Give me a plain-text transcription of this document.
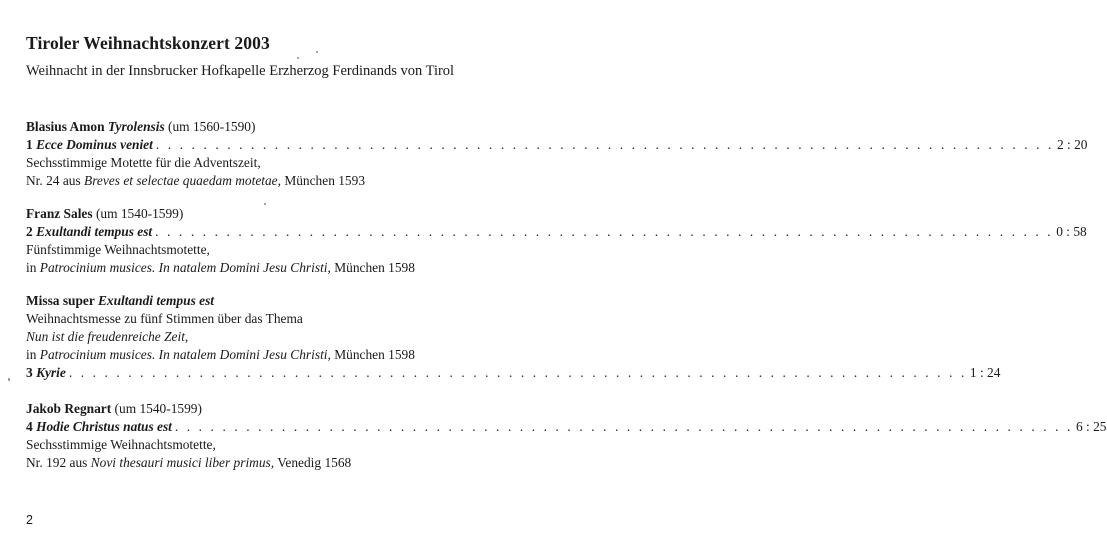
Tiroler Weihnachtskonzert 2003
Weihnacht in der Innsbrucker Hofkapelle Erzherzog Ferdinands von Tirol
Blasius Amon Tyrolensis (um 1560-1590)
1 Ecce Dominus veniet . . . . . . . . . . . . . . . . . . . . . . . . . . . . . . . . . . . . . . . . . . . . . . . . . . . . . . . . . . . . . . . . . . . . . . . . . . . . 2 : 20
Sechsstimmige Motette für die Adventszeit,
Nr. 24 aus Breves et selectae quaedam motetae, München 1593
Franz Sales (um 1540-1599)
2 Exultandi tempus est . . . . . . . . . . . . . . . . . . . . . . . . . . . . . . . . . . . . . . . . . . . . . . . . . . . . . . . . . . . . . . . . . . . . . . . . . . . . 0 : 58
Fünfstimmige Weihnachtsmotette,
in Patrocinium musices. In natalem Domini Jesu Christi, München 1598
Missa super Exultandi tempus est
Weihnachtsmesse zu fünf Stimmen über das Thema
Nun ist die freudenreiche Zeit,
in Patrocinium musices. In natalem Domini Jesu Christi, München 1598
3 Kyrie . . . . . . . . . . . . . . . . . . . . . . . . . . . . . . . . . . . . . . . . . . . . . . . . . . . . . . . . . . . . . . . . . . . . . . . . . . . . 1 : 24
Jakob Regnart (um 1540-1599)
4 Hodie Christus natus est . . . . . . . . . . . . . . . . . . . . . . . . . . . . . . . . . . . . . . . . . . . . . . . . . . . . . . . . . . . . . . . . . . . . . . . . . . . . 6 : 25
Sechsstimmige Weihnachtsmotette,
Nr. 192 aus Novi thesauri musici liber primus, Venedig 1568
2
